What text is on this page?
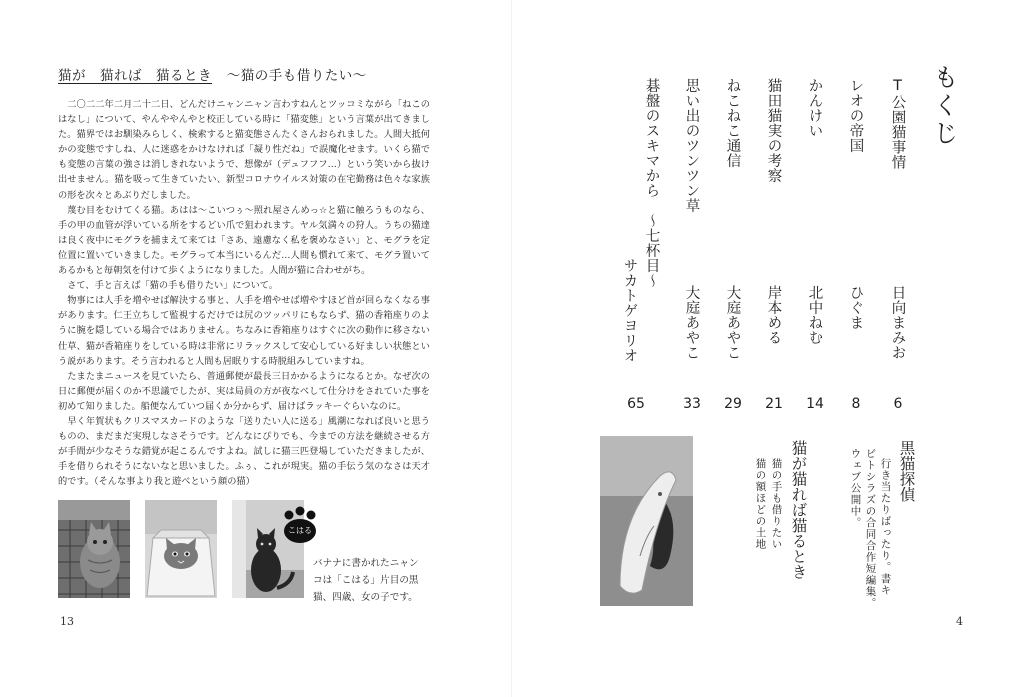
猫が　猫れば　猫るとき 〜猫の手も借りたい〜

二〇二二年二月二十二日、どんだけニャンニャン言わすねんとツッコミながら「ねこのはなし」について、やんややんやと校正している時に「猫変態」という言葉が出てきました。猫界ではお馴染みらしく、検索すると猫変態さんたくさんおられました。人間大抵何かの変態ですしね、人に迷惑をかけなければ「凝り性だね」で誤魔化せます。いくら猫でも変態の言葉の強さは消しきれないようで、想像が（デュフフフ…）という笑いから抜け出せません。猫を吸って生きていたい、新型コロナウイルス対策の在宅勤務は色々な家族の形を次々とあぶりだしました。

蔑む目をむけてくる猫。あはは〜こいつぅ〜照れ屋さんめっ☆と猫に触ろうものなら、手の甲の血管が浮いている所をするどい爪で狙われます。ヤル気満々の狩人。うちの猫達は良く夜中にモグラを捕まえて来ては「さあ、遠慮なく私を褒めなさい」と、モグラを定位置に置いていきました。モグラって本当にいるんだ…人間も慣れて来て、モグラ置いてあるかもと毎朝気を付けて歩くようになりました。人間が猫に合わせがち。

さて、手と言えば「猫の手も借りたい」について。

物事には人手を増やせば解決する事と、人手を増やせば増やすほど首が回らなくなる事があります。仁王立ちして監視するだけでは尻のツッパリにもならず、猫の香箱座りのように腕を隠している場合ではありません。ちなみに香箱座りはすぐに次の動作に移さない仕草、猫が香箱座りをしている時は非常にリラックスして安心している好ましい状態という説があります。そう言われると人間も居眠りする時脱組みしていますね。

たまたまニュースを見ていたら、普通郵便が最長三日かかるようになるとか。なぜ次の日に郵便が届くのか不思議でしたが、実は局員の方が夜なべして仕分けをされていた事を初めて知りました。船便なんていつ届くか分からず、届けばラッキーぐらいなのに。

早く年賀状もクリスマスカードのような「送りたい人に送る」風潮になれば良いと思うものの、まだまだ実現しなさそうです。どんなにぴりでも、今までの方法を継続させる方が手間が少なそうな錯覚が起こるんですよね。試しに猫三匹登場していただきましたが、手を借りられそうにないなと思いました。ふぅ、これが現実。猫の手伝う気のなさは天才的です。（そんな事より我と遊べという顔の猫）

こはる
バナナに書かれたニャンコは「こはる」片目の黒猫、四歳、女の子です。
13
もくじ
T公園猫事情
日向まみお
6
レオの帝国
ひぐま
8
かんけい
北中ねむ
14
猫田猫実の考察
岸本める
21
ねこねこ通信
大庭あやこ
29
思い出のツンツン草
大庭あやこ
33
碁盤のスキマから　〜七杯目〜
サカトゲヨリオ
65
黒猫探偵
行き当たりばったり。書キ
ビトシラズの合同合作短編集。
ウェブ公開中。
猫が猫れば猫るとき
猫の手も借りたい
猫の額ほどの土地
4
